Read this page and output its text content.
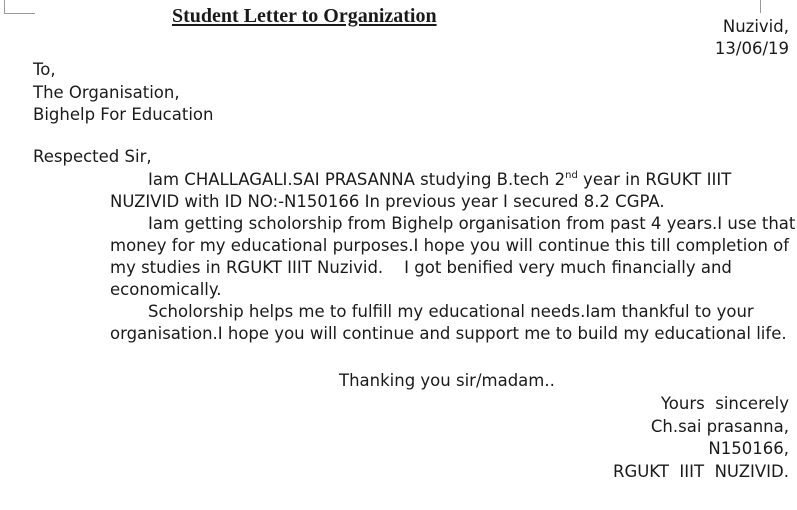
Student Letter to Organization	Nuzivid,
13/06/19
To,
The Organisation,
Bighelp For Education
Respected Sir,
Iam CHALLAGALI.SAI PRASANNA studying B.tech 2nd year in RGUKT IIIT
NUZIVID with ID NO:-N150166 In previous year I secured 8.2 CGPA.
Iam getting scholorship from Bighelp organisation from past 4 years.I use that
money for my educational purposes.I hope you will continue this till completion of
my studies in RGUKT IIIT Nuzivid.    I got benified very much financially and
economically.
Scholorship helps me to fulfill my educational needs.Iam thankful to your
organisation.I hope you will continue and support me to build my educational life.
Thanking you sir/madam..
Yours  sincerely
Ch.sai prasanna,
N150166,
RGUKT  IIIT  NUZIVID.
